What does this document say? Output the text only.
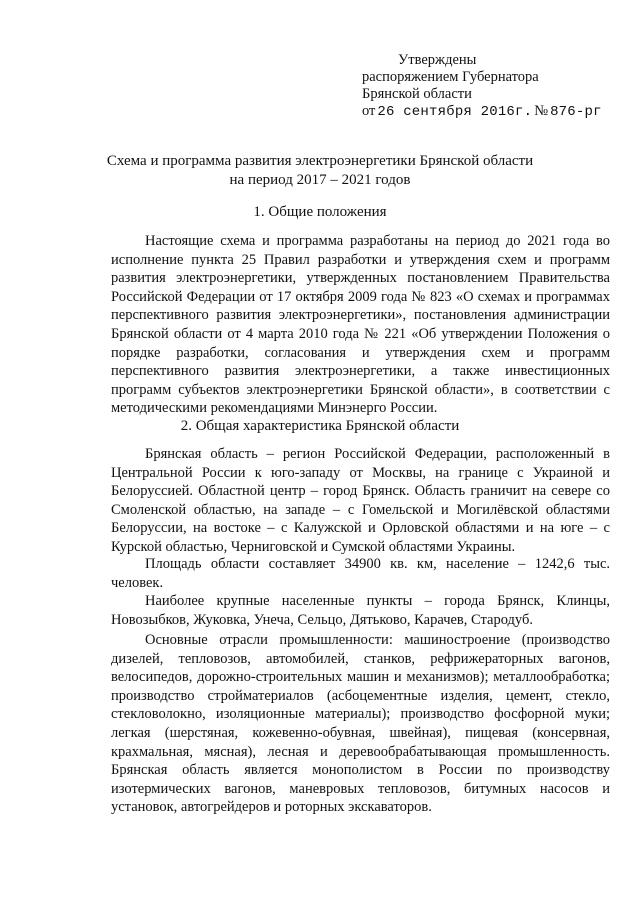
Утверждены
распоряжением Губернатора
Брянской области
от 26 сентября 2016г. № 876-рг
Схема и программа развития электроэнергетики Брянской области
на период 2017 – 2021 годов
1. Общие положения
Настоящие схема и программа разработаны на период до 2021 года во исполнение пункта 25 Правил разработки и утверждения схем и программ развития электроэнергетики, утвержденных постановлением Правительства Российской Федерации от 17 октября 2009 года № 823 «О схемах и программах перспективного развития электроэнергетики», постановления администрации Брянской области от 4 марта 2010 года № 221 «Об утверждении Положения о порядке разработки, согласования и утверждения схем и программ перспективного развития электроэнергетики, а также инвестиционных программ субъектов электроэнергетики Брянской области», в соответствии с методическими рекомендациями Минэнерго России.
2. Общая характеристика Брянской области
Брянская область – регион Российской Федерации, расположенный в Центральной России к юго-западу от Москвы, на границе с Украиной и Белоруссией. Областной центр – город Брянск. Область граничит на севере со Смоленской областью, на западе – с Гомельской и Могилёвской областями Белоруссии, на востоке – с Калужской и Орловской областями и на юге – с Курской областью, Черниговской и Сумской областями Украины.
Площадь области составляет 34900 кв. км, население – 1242,6 тыс. человек.
Наиболее крупные населенные пункты – города Брянск, Клинцы, Новозыбков, Жуковка, Унеча, Сельцо, Дятьково, Карачев, Стародуб.
Основные отрасли промышленности: машиностроение (производство дизелей, тепловозов, автомобилей, станков, рефрижераторных вагонов, велосипедов, дорожно-строительных машин и механизмов); металлообработка; производство стройматериалов (асбоцементные изделия, цемент, стекло, стекловолокно, изоляционные материалы); производство фосфорной муки; легкая (шерстяная, кожевенно-обувная, швейная), пищевая (консервная, крахмальная, мясная), лесная и деревообрабатывающая промышленность. Брянская область является монополистом в России по производству изотермических вагонов, маневровых тепловозов, битумных насосов и установок, автогрейдеров и роторных экскаваторов.
